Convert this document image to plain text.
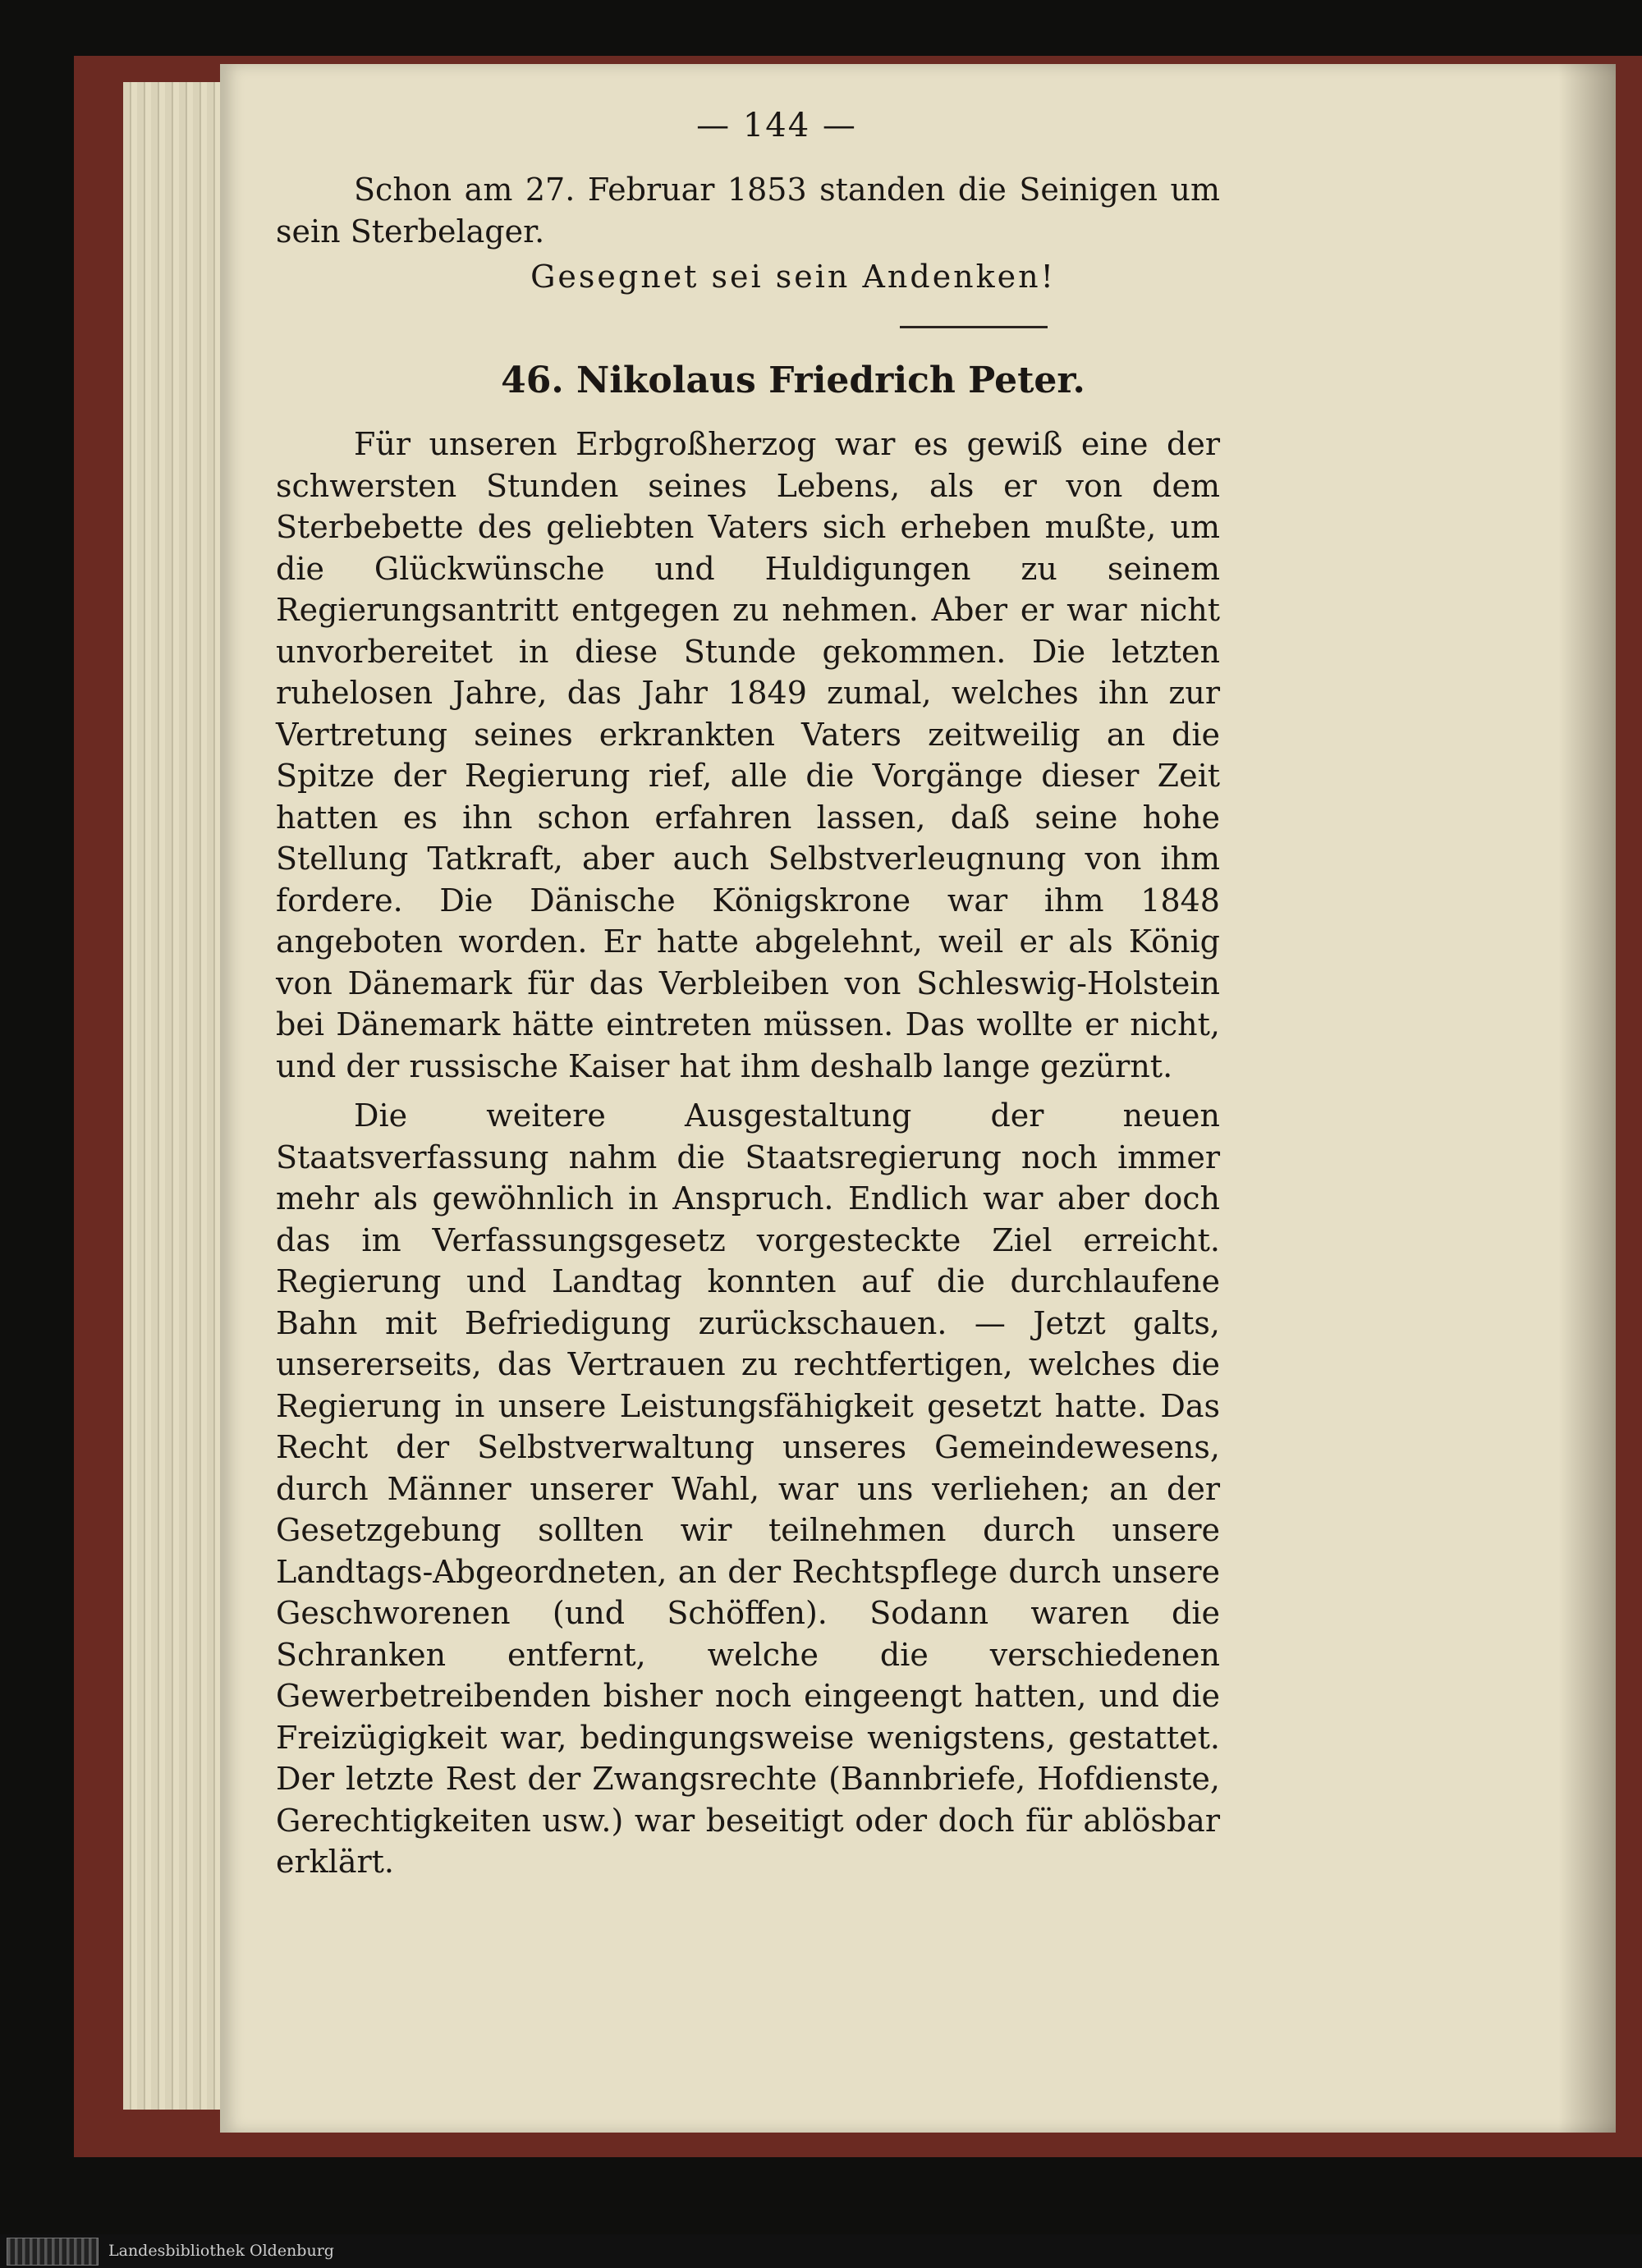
— 144 —

Schon am 27. Februar 1853 standen die Seinigen um sein Sterbelager.

Gesegnet sei sein Andenken!
46. Nikolaus Friedrich Peter.

Für unseren Erbgroßherzog war es gewiß eine der schwersten Stunden seines Lebens, als er von dem Sterbebette des geliebten Vaters sich erheben mußte, um die Glückwünsche und Huldigungen zu seinem Regierungsantritt entgegen zu nehmen. Aber er war nicht unvorbereitet in diese Stunde gekommen. Die letzten ruhelosen Jahre, das Jahr 1849 zumal, welches ihn zur Vertretung seines erkrankten Vaters zeitweilig an die Spitze der Regierung rief, alle die Vorgänge dieser Zeit hatten es ihn schon erfahren lassen, daß seine hohe Stellung Tatkraft, aber auch Selbstverleugnung von ihm fordere. Die Dänische Königskrone war ihm 1848 angeboten worden. Er hatte abgelehnt, weil er als König von Dänemark für das Verbleiben von Schleswig-Holstein bei Dänemark hätte eintreten müssen. Das wollte er nicht, und der russische Kaiser hat ihm deshalb lange gezürnt.

Die weitere Ausgestaltung der neuen Staatsverfassung nahm die Staatsregierung noch immer mehr als gewöhnlich in Anspruch. Endlich war aber doch das im Verfassungsgesetz vorgesteckte Ziel erreicht. Regierung und Landtag konnten auf die durchlaufene Bahn mit Befriedigung zurückschauen. — Jetzt galts, unsererseits, das Vertrauen zu rechtfertigen, welches die Regierung in unsere Leistungsfähigkeit gesetzt hatte. Das Recht der Selbstverwaltung unseres Gemeindewesens, durch Männer unserer Wahl, war uns verliehen; an der Gesetzgebung sollten wir teilnehmen durch unsere Landtags-Abgeordneten, an der Rechtspflege durch unsere Geschworenen (und Schöffen). Sodann waren die Schranken entfernt, welche die verschiedenen Gewerbetreibenden bisher noch eingeengt hatten, und die Freizügigkeit war, bedingungsweise wenigstens, gestattet. Der letzte Rest der Zwangsrechte (Bannbriefe, Hofdienste, Gerechtigkeiten usw.) war beseitigt oder doch für ablösbar erklärt.

Landesbibliothek Oldenburg
